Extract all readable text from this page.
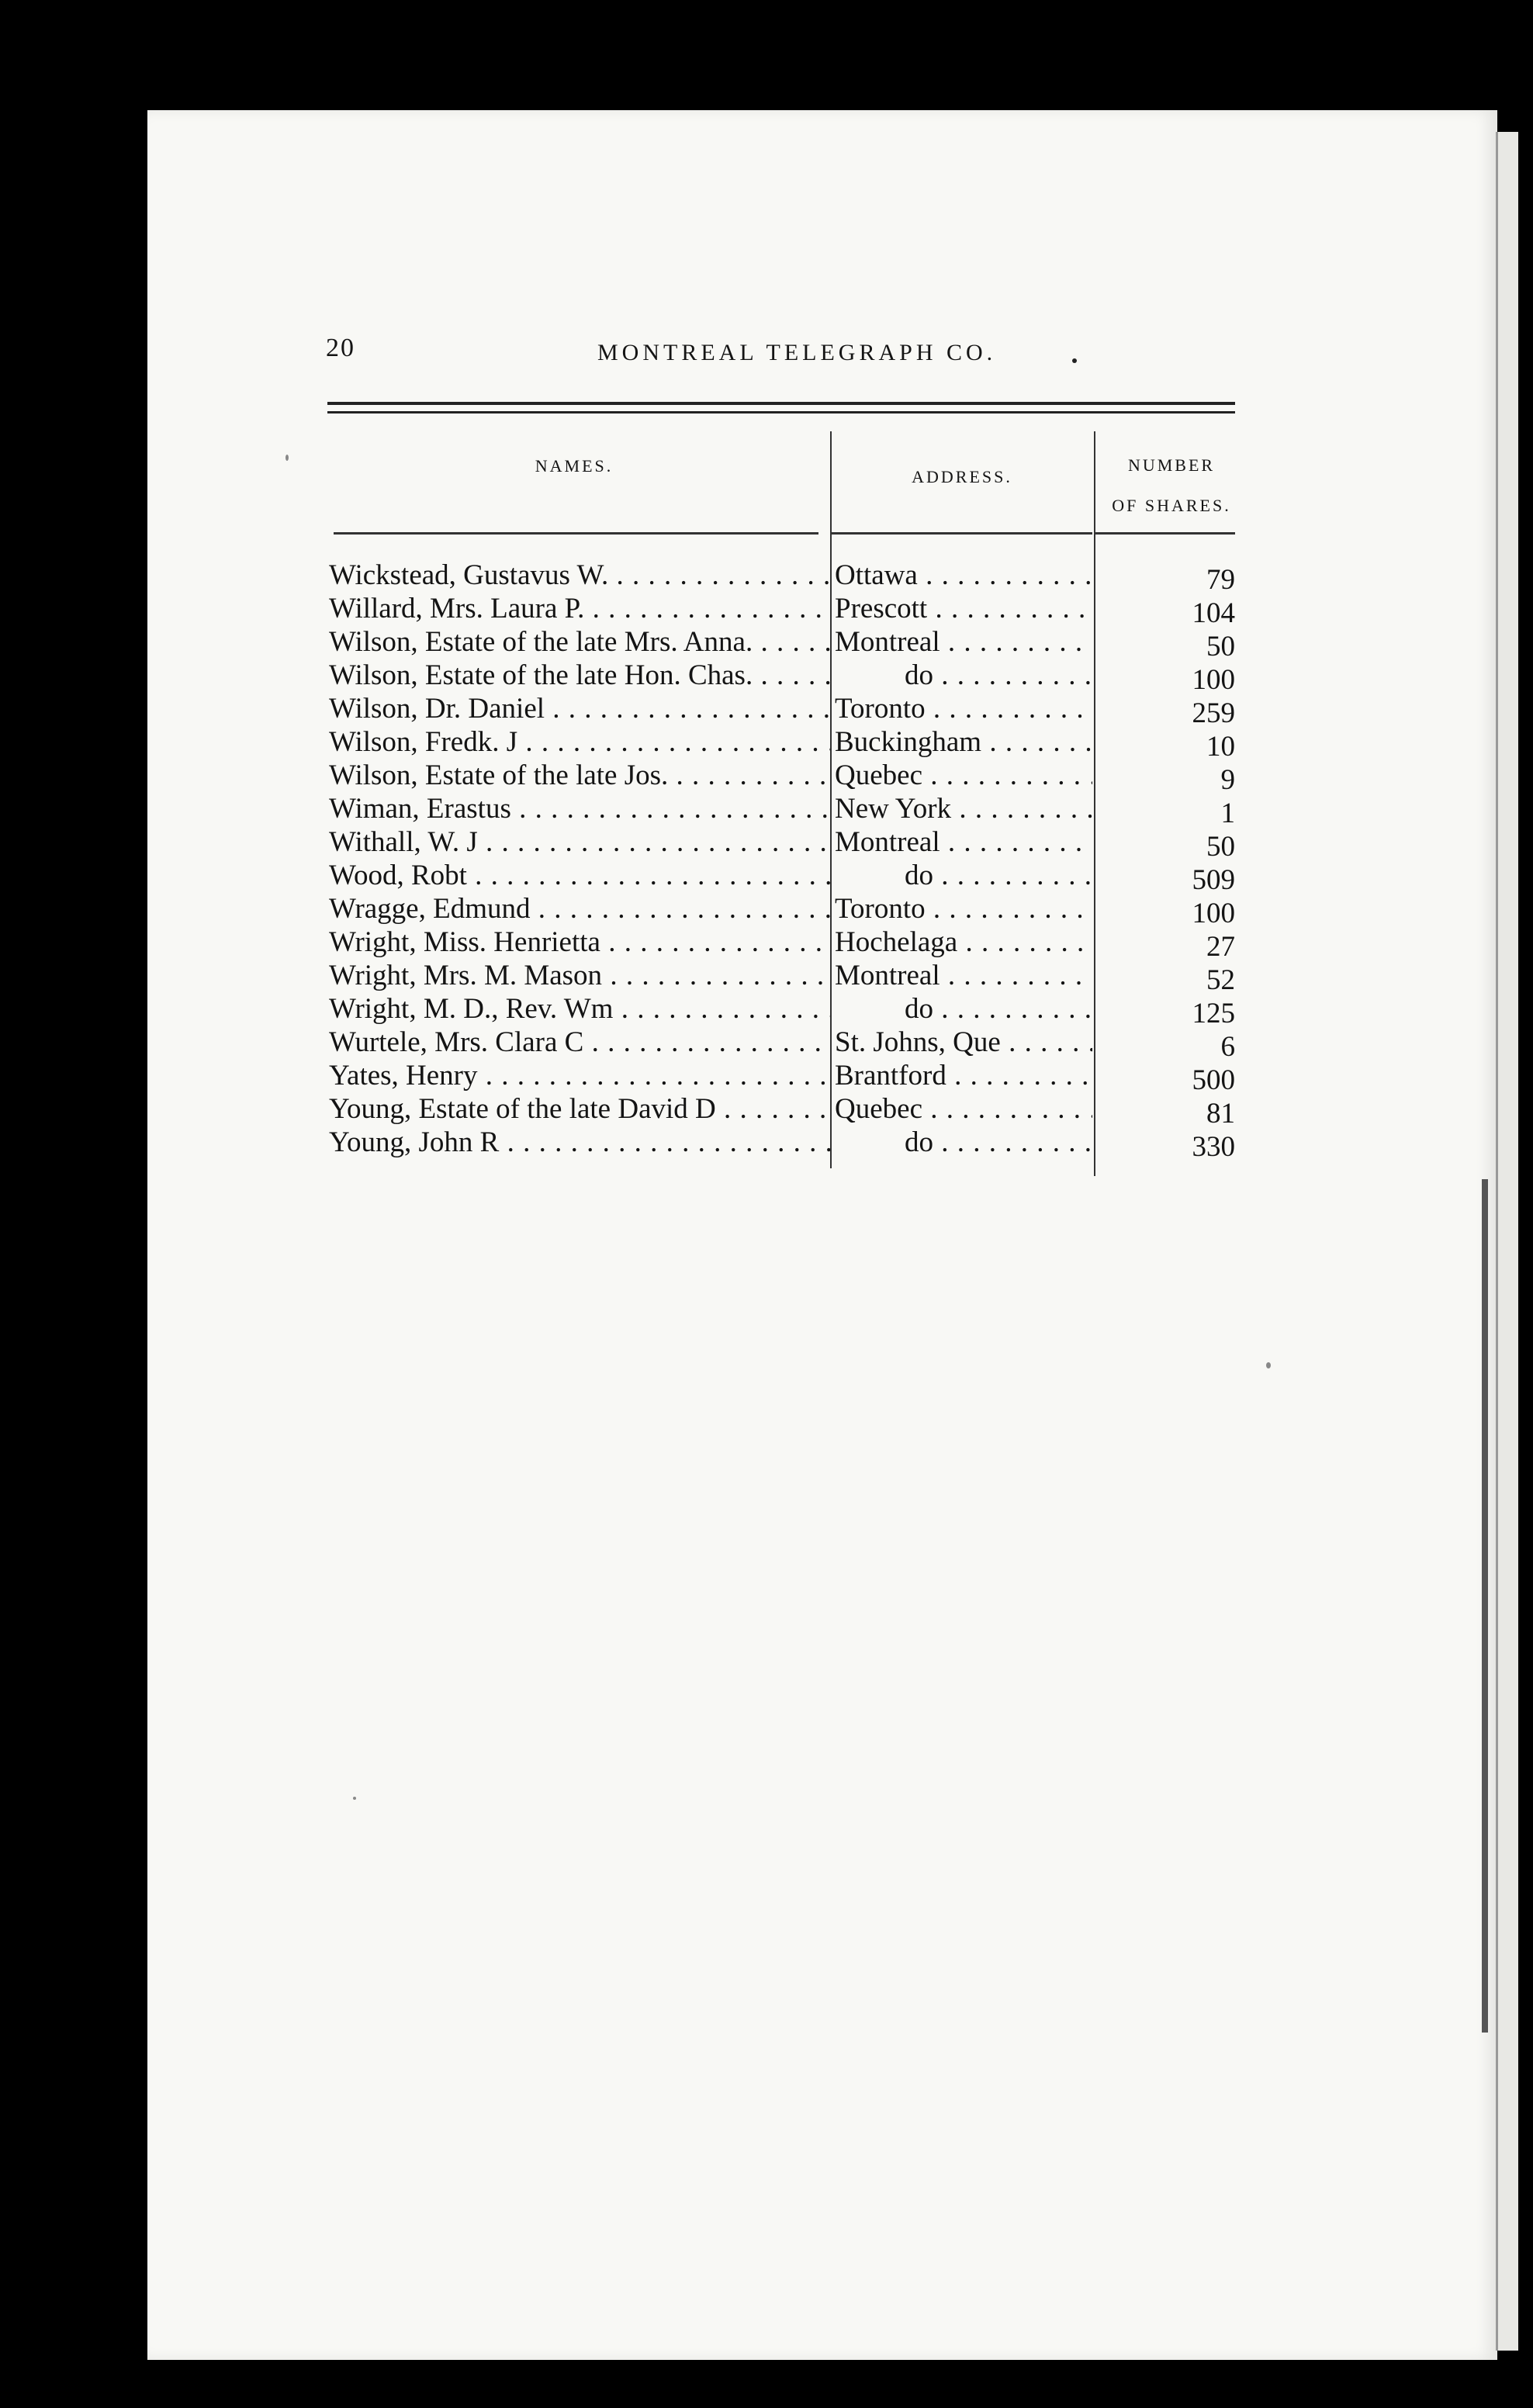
20	MONTREAL TELEGRAPH CO.
NAMES.
ADDRESS.
NUMBER
OF SHARES.
Wickstead, Gustavus W. . . .	Ottawa . . .	79
Willard, Mrs. Laura P. . . .	Prescott . . .	104
Wilson, Estate of the late Mrs. Anna. . . .	Montreal . . .	50
Wilson, Estate of the late Hon. Chas. . . .	do . . .	100
Wilson, Dr. Daniel . . .	Toronto . . .	259
Wilson, Fredk. J . . .	Buckingham . . .	10
Wilson, Estate of the late Jos. . . .	Quebec . . .	9
Wiman, Erastus . . .	New York . . .	1
Withall, W. J . . .	Montreal . . .	50
Wood, Robt . . .	do . . .	509
Wragge, Edmund . . .	Toronto . . .	100
Wright, Miss. Henrietta . . .	Hochelaga . . .	27
Wright, Mrs. M. Mason . . .	Montreal . . .	52
Wright, M. D., Rev. Wm . . .	do . . .	125
Wurtele, Mrs. Clara C . . .	St. Johns, Que . . .	6
Yates, Henry . . .	Brantford . . .	500
Young, Estate of the late David D . . .	Quebec . . .	81
Young, John R . . .	do . . .	330
